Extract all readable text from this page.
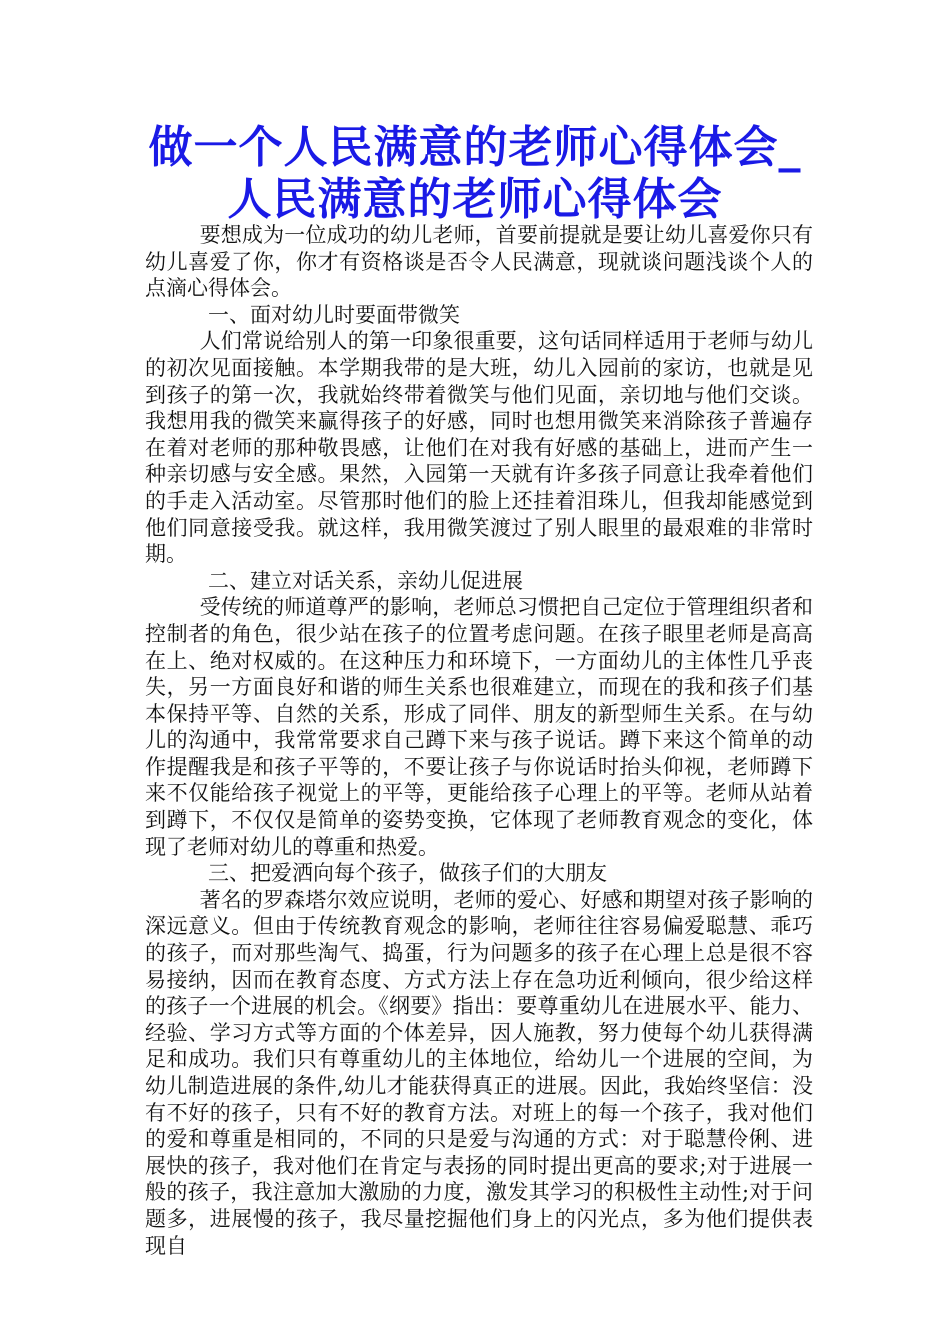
做一个人民满意的老师心得体会_人民满意的老师心得体会

要想成为一位成功的幼儿老师，首要前提就是要让幼儿喜爱你只有幼儿喜爱了你，你才有资格谈是否令人民满意，现就谈问题浅谈个人的点滴心得体会。

一、面对幼儿时要面带微笑

人们常说给别人的第一印象很重要，这句话同样适用于老师与幼儿的初次见面接触。本学期我带的是大班，幼儿入园前的家访，也就是见到孩子的第一次，我就始终带着微笑与他们见面，亲切地与他们交谈。我想用我的微笑来赢得孩子的好感，同时也想用微笑来消除孩子普遍存在着对老师的那种敬畏感，让他们在对我有好感的基础上，进而产生一种亲切感与安全感。果然，入园第一天就有许多孩子同意让我牵着他们的手走入活动室。尽管那时他们的脸上还挂着泪珠儿，但我却能感觉到他们同意接受我。就这样，我用微笑渡过了别人眼里的最艰难的非常时期。

二、建立对话关系，亲幼儿促进展

受传统的师道尊严的影响，老师总习惯把自己定位于管理组织者和控制者的角色，很少站在孩子的位置考虑问题。在孩子眼里老师是高高在上、绝对权威的。在这种压力和环境下，一方面幼儿的主体性几乎丧失，另一方面良好和谐的师生关系也很难建立，而现在的我和孩子们基本保持平等、自然的关系，形成了同伴、朋友的新型师生关系。在与幼儿的沟通中，我常常要求自己蹲下来与孩子说话。蹲下来这个简单的动作提醒我是和孩子平等的，不要让孩子与你说话时抬头仰视，老师蹲下来不仅能给孩子视觉上的平等，更能给孩子心理上的平等。老师从站着到蹲下，不仅仅是简单的姿势变换，它体现了老师教育观念的变化，体现了老师对幼儿的尊重和热爱。

三、把爱洒向每个孩子，做孩子们的大朋友

著名的罗森塔尔效应说明，老师的爱心、好感和期望对孩子影响的深远意义。但由于传统教育观念的影响，老师往往容易偏爱聪慧、乖巧的孩子，而对那些淘气、捣蛋，行为问题多的孩子在心理上总是很不容易接纳，因而在教育态度、方式方法上存在急功近利倾向，很少给这样的孩子一个进展的机会。《纲要》指出：要尊重幼儿在进展水平、能力、经验、学习方式等方面的个体差异，因人施教，努力使每个幼儿获得满足和成功。我们只有尊重幼儿的主体地位，给幼儿一个进展的空间，为幼儿制造进展的条件,幼儿才能获得真正的进展。因此，我始终坚信：没有不好的孩子，只有不好的教育方法。对班上的每一个孩子，我对他们的爱和尊重是相同的，不同的只是爱与沟通的方式：对于聪慧伶俐、进展快的孩子，我对他们在肯定与表扬的同时提出更高的要求;对于进展一般的孩子，我注意加大激励的力度，激发其学习的积极性主动性;对于问题多，进展慢的孩子，我尽量挖掘他们身上的闪光点，多为他们提供表现自
